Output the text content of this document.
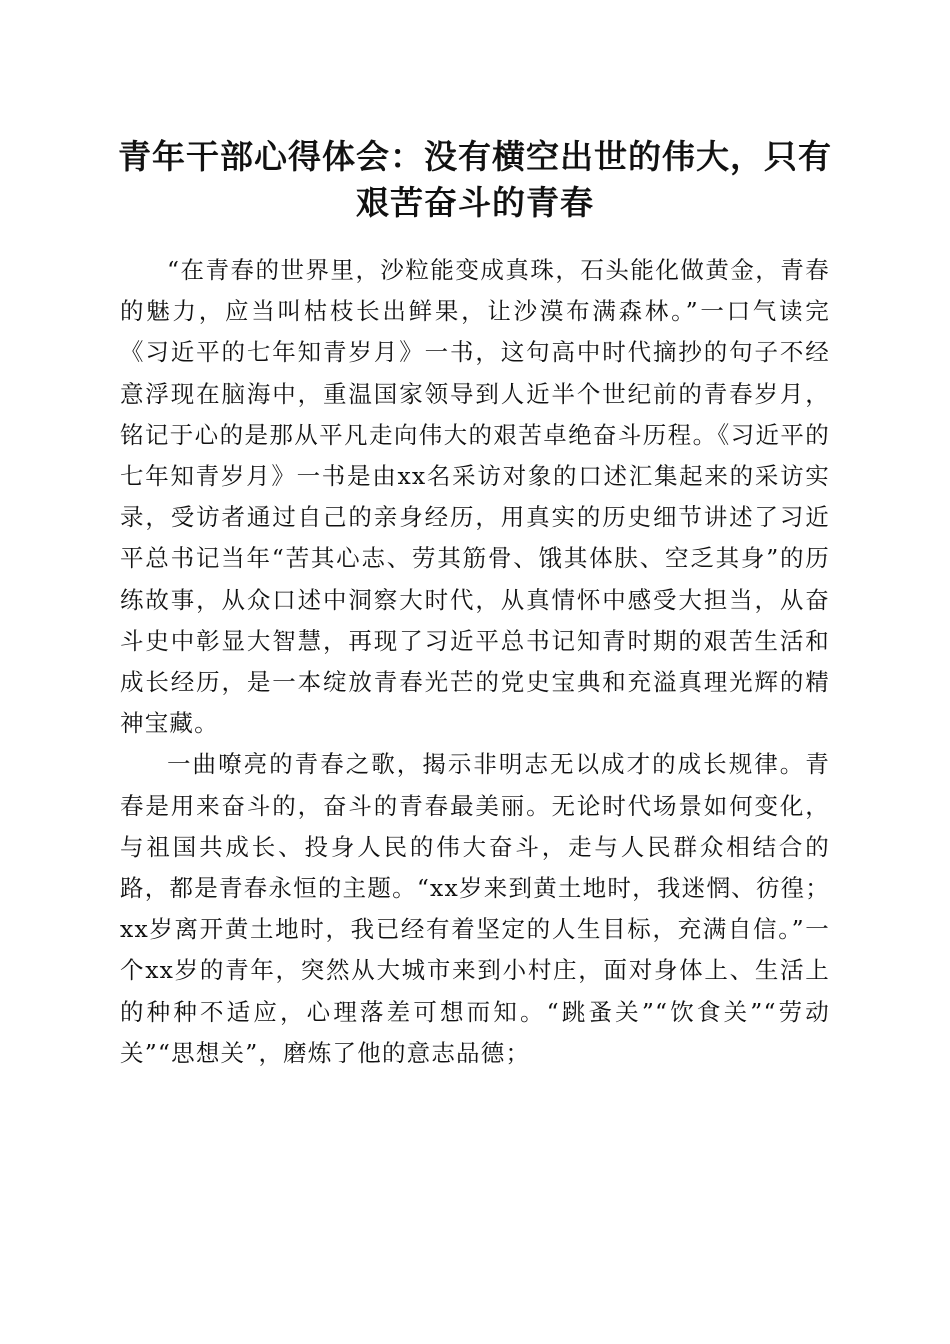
青年干部心得体会：没有横空出世的伟大，只有艰苦奋斗的青春

“在青春的世界里，沙粒能变成真珠，石头能化做黄金，青春的魅力，应当叫枯枝长出鲜果，让沙漠布满森林。”一口气读完《习近平的七年知青岁月》一书，这句高中时代摘抄的句子不经意浮现在脑海中，重温国家领导到人近半个世纪前的青春岁月，铭记于心的是那从平凡走向伟大的艰苦卓绝奋斗历程。《习近平的七年知青岁月》一书是由xx名采访对象的口述汇集起来的采访实录，受访者通过自己的亲身经历，用真实的历史细节讲述了习近平总书记当年“苦其心志、劳其筋骨、饿其体肤、空乏其身”的历练故事，从众口述中洞察大时代，从真情怀中感受大担当，从奋斗史中彰显大智慧，再现了习近平总书记知青时期的艰苦生活和成长经历，是一本绽放青春光芒的党史宝典和充溢真理光辉的精神宝藏。

一曲嘹亮的青春之歌，揭示非明志无以成才的成长规律。青春是用来奋斗的，奋斗的青春最美丽。无论时代场景如何变化，与祖国共成长、投身人民的伟大奋斗，走与人民群众相结合的路，都是青春永恒的主题。“xx岁来到黄土地时，我迷惘、彷徨；xx岁离开黄土地时，我已经有着坚定的人生目标，充满自信。”一个xx岁的青年，突然从大城市来到小村庄，面对身体上、生活上的种种不适应，心理落差可想而知。“跳蚤关”“饮食关”“劳动关”“思想关”，磨炼了他的意志品德；
